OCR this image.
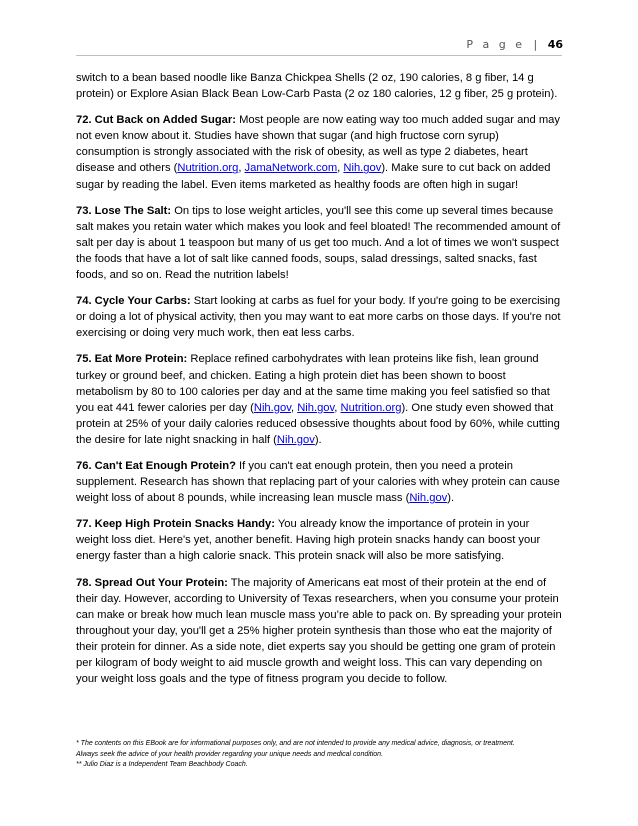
P a g e | 46

switch to a bean based noodle like Banza Chickpea Shells (2 oz, 190 calories, 8 g fiber, 14 g protein) or Explore Asian Black Bean Low-Carb Pasta (2 oz 180 calories, 12 g fiber, 25 g protein).

72. Cut Back on Added Sugar: Most people are now eating way too much added sugar and may not even know about it. Studies have shown that sugar (and high fructose corn syrup) consumption is strongly associated with the risk of obesity, as well as type 2 diabetes, heart disease and others (Nutrition.org, JamaNetwork.com, Nih.gov). Make sure to cut back on added sugar by reading the label. Even items marketed as healthy foods are often high in sugar!

73. Lose The Salt: On tips to lose weight articles, you'll see this come up several times because salt makes you retain water which makes you look and feel bloated! The recommended amount of salt per day is about 1 teaspoon but many of us get too much. And a lot of times we won't suspect the foods that have a lot of salt like canned foods, soups, salad dressings, salted snacks, fast foods, and so on. Read the nutrition labels!

74. Cycle Your Carbs: Start looking at carbs as fuel for your body. If you're going to be exercising or doing a lot of physical activity, then you may want to eat more carbs on those days. If you're not exercising or doing very much work, then eat less carbs.

75. Eat More Protein: Replace refined carbohydrates with lean proteins like fish, lean ground turkey or ground beef, and chicken. Eating a high protein diet has been shown to boost metabolism by 80 to 100 calories per day and at the same time making you feel satisfied so that you eat 441 fewer calories per day (Nih.gov, Nih.gov, Nutrition.org). One study even showed that protein at 25% of your daily calories reduced obsessive thoughts about food by 60%, while cutting the desire for late night snacking in half (Nih.gov).

76. Can't Eat Enough Protein? If you can't eat enough protein, then you need a protein supplement. Research has shown that replacing part of your calories with whey protein can cause weight loss of about 8 pounds, while increasing lean muscle mass (Nih.gov).

77. Keep High Protein Snacks Handy: You already know the importance of protein in your weight loss diet. Here's yet, another benefit. Having high protein snacks handy can boost your energy faster than a high calorie snack. This protein snack will also be more satisfying.

78. Spread Out Your Protein: The majority of Americans eat most of their protein at the end of their day. However, according to University of Texas researchers, when you consume your protein can make or break how much lean muscle mass you’re able to pack on. By spreading your protein throughout your day, you'll get a 25% higher protein synthesis than those who eat the majority of their protein for dinner. As a side note, diet experts say you should be getting one gram of protein per kilogram of body weight to aid muscle growth and weight loss. This can vary depending on your weight loss goals and the type of fitness program you decide to follow.

* The contents on this EBook are for informational purposes only, and are not intended to provide any medical advice, diagnosis, or treatment.
Always seek the advice of your health provider regarding your unique needs and medical condition.
** Julio Diaz is a Independent Team Beachbody Coach.
